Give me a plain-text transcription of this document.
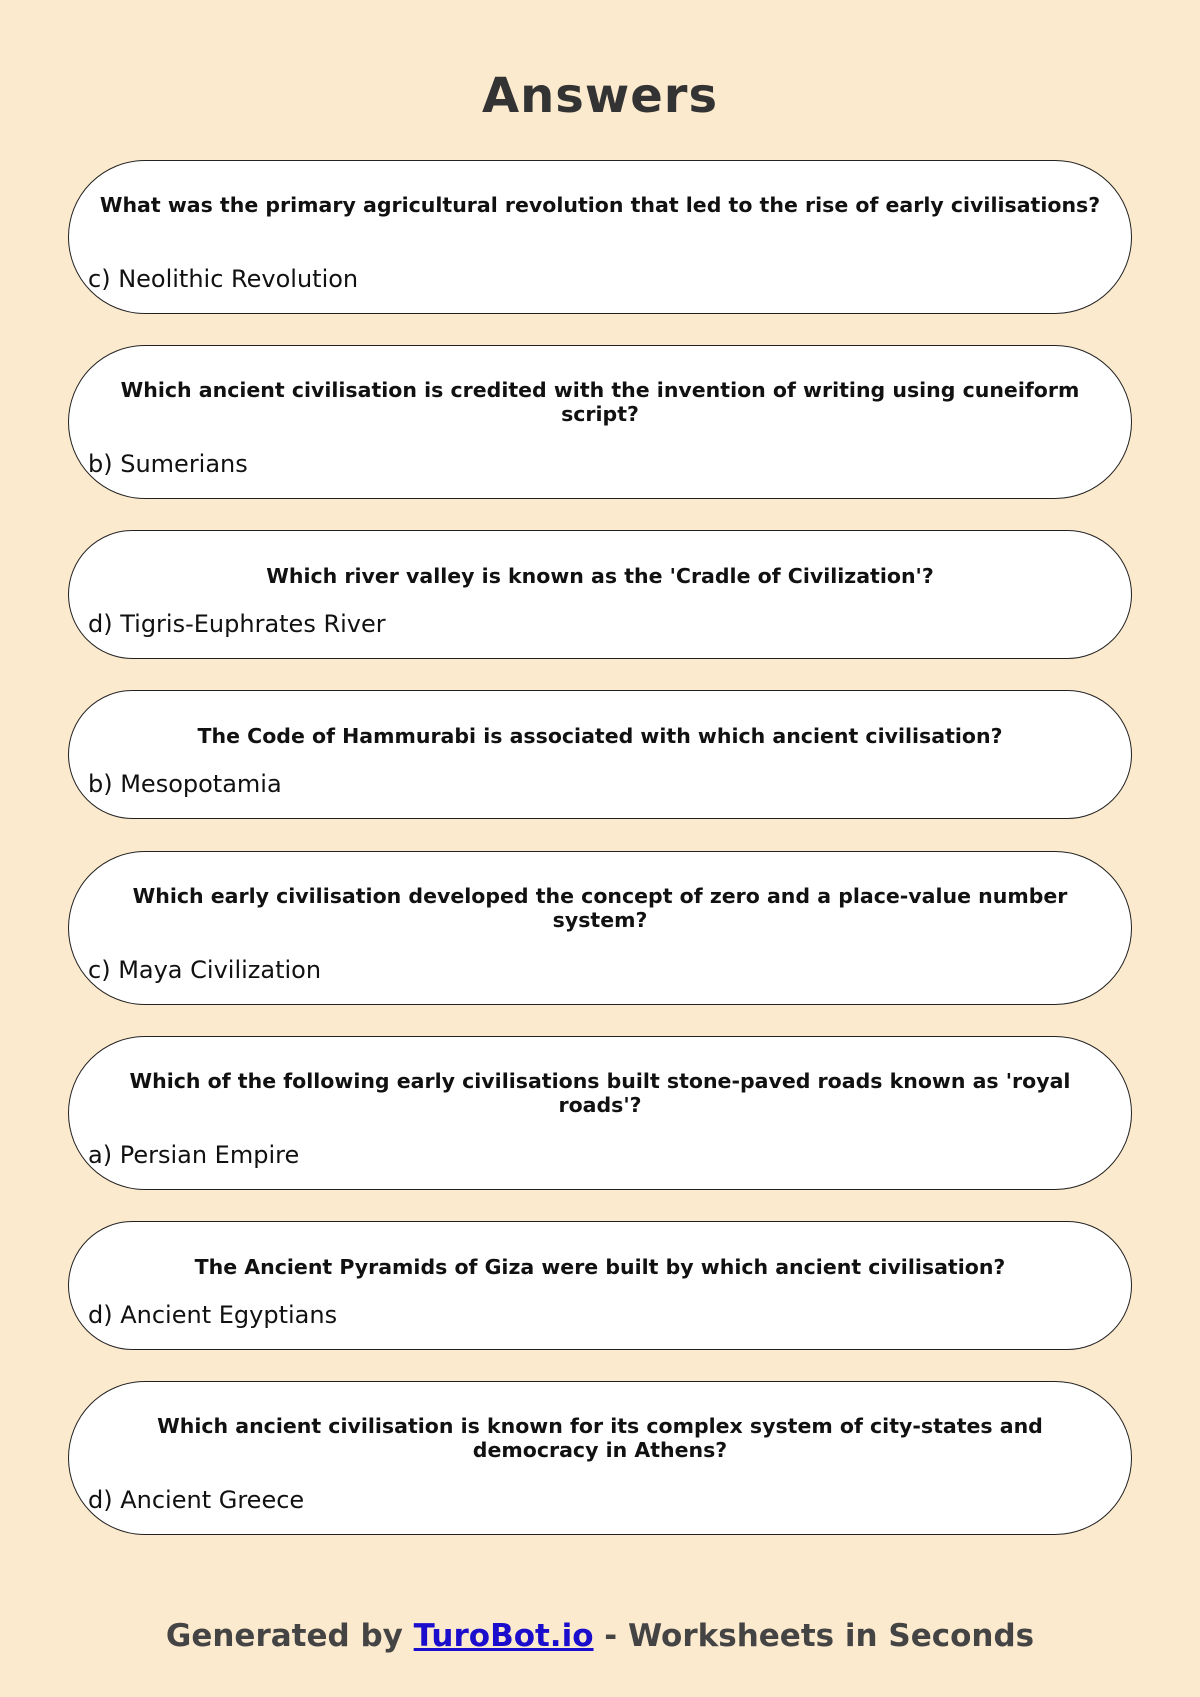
Answers
What was the primary agricultural revolution that led to the rise of early civilisations?
c) Neolithic Revolution
Which ancient civilisation is credited with the invention of writing using cuneiform script?
b) Sumerians
Which river valley is known as the 'Cradle of Civilization'?
d) Tigris-Euphrates River
The Code of Hammurabi is associated with which ancient civilisation?
b) Mesopotamia
Which early civilisation developed the concept of zero and a place-value number system?
c) Maya Civilization
Which of the following early civilisations built stone-paved roads known as 'royal roads'?
a) Persian Empire
The Ancient Pyramids of Giza were built by which ancient civilisation?
d) Ancient Egyptians
Which ancient civilisation is known for its complex system of city-states and democracy in Athens?
d) Ancient Greece
Generated by TuroBot.io - Worksheets in Seconds
